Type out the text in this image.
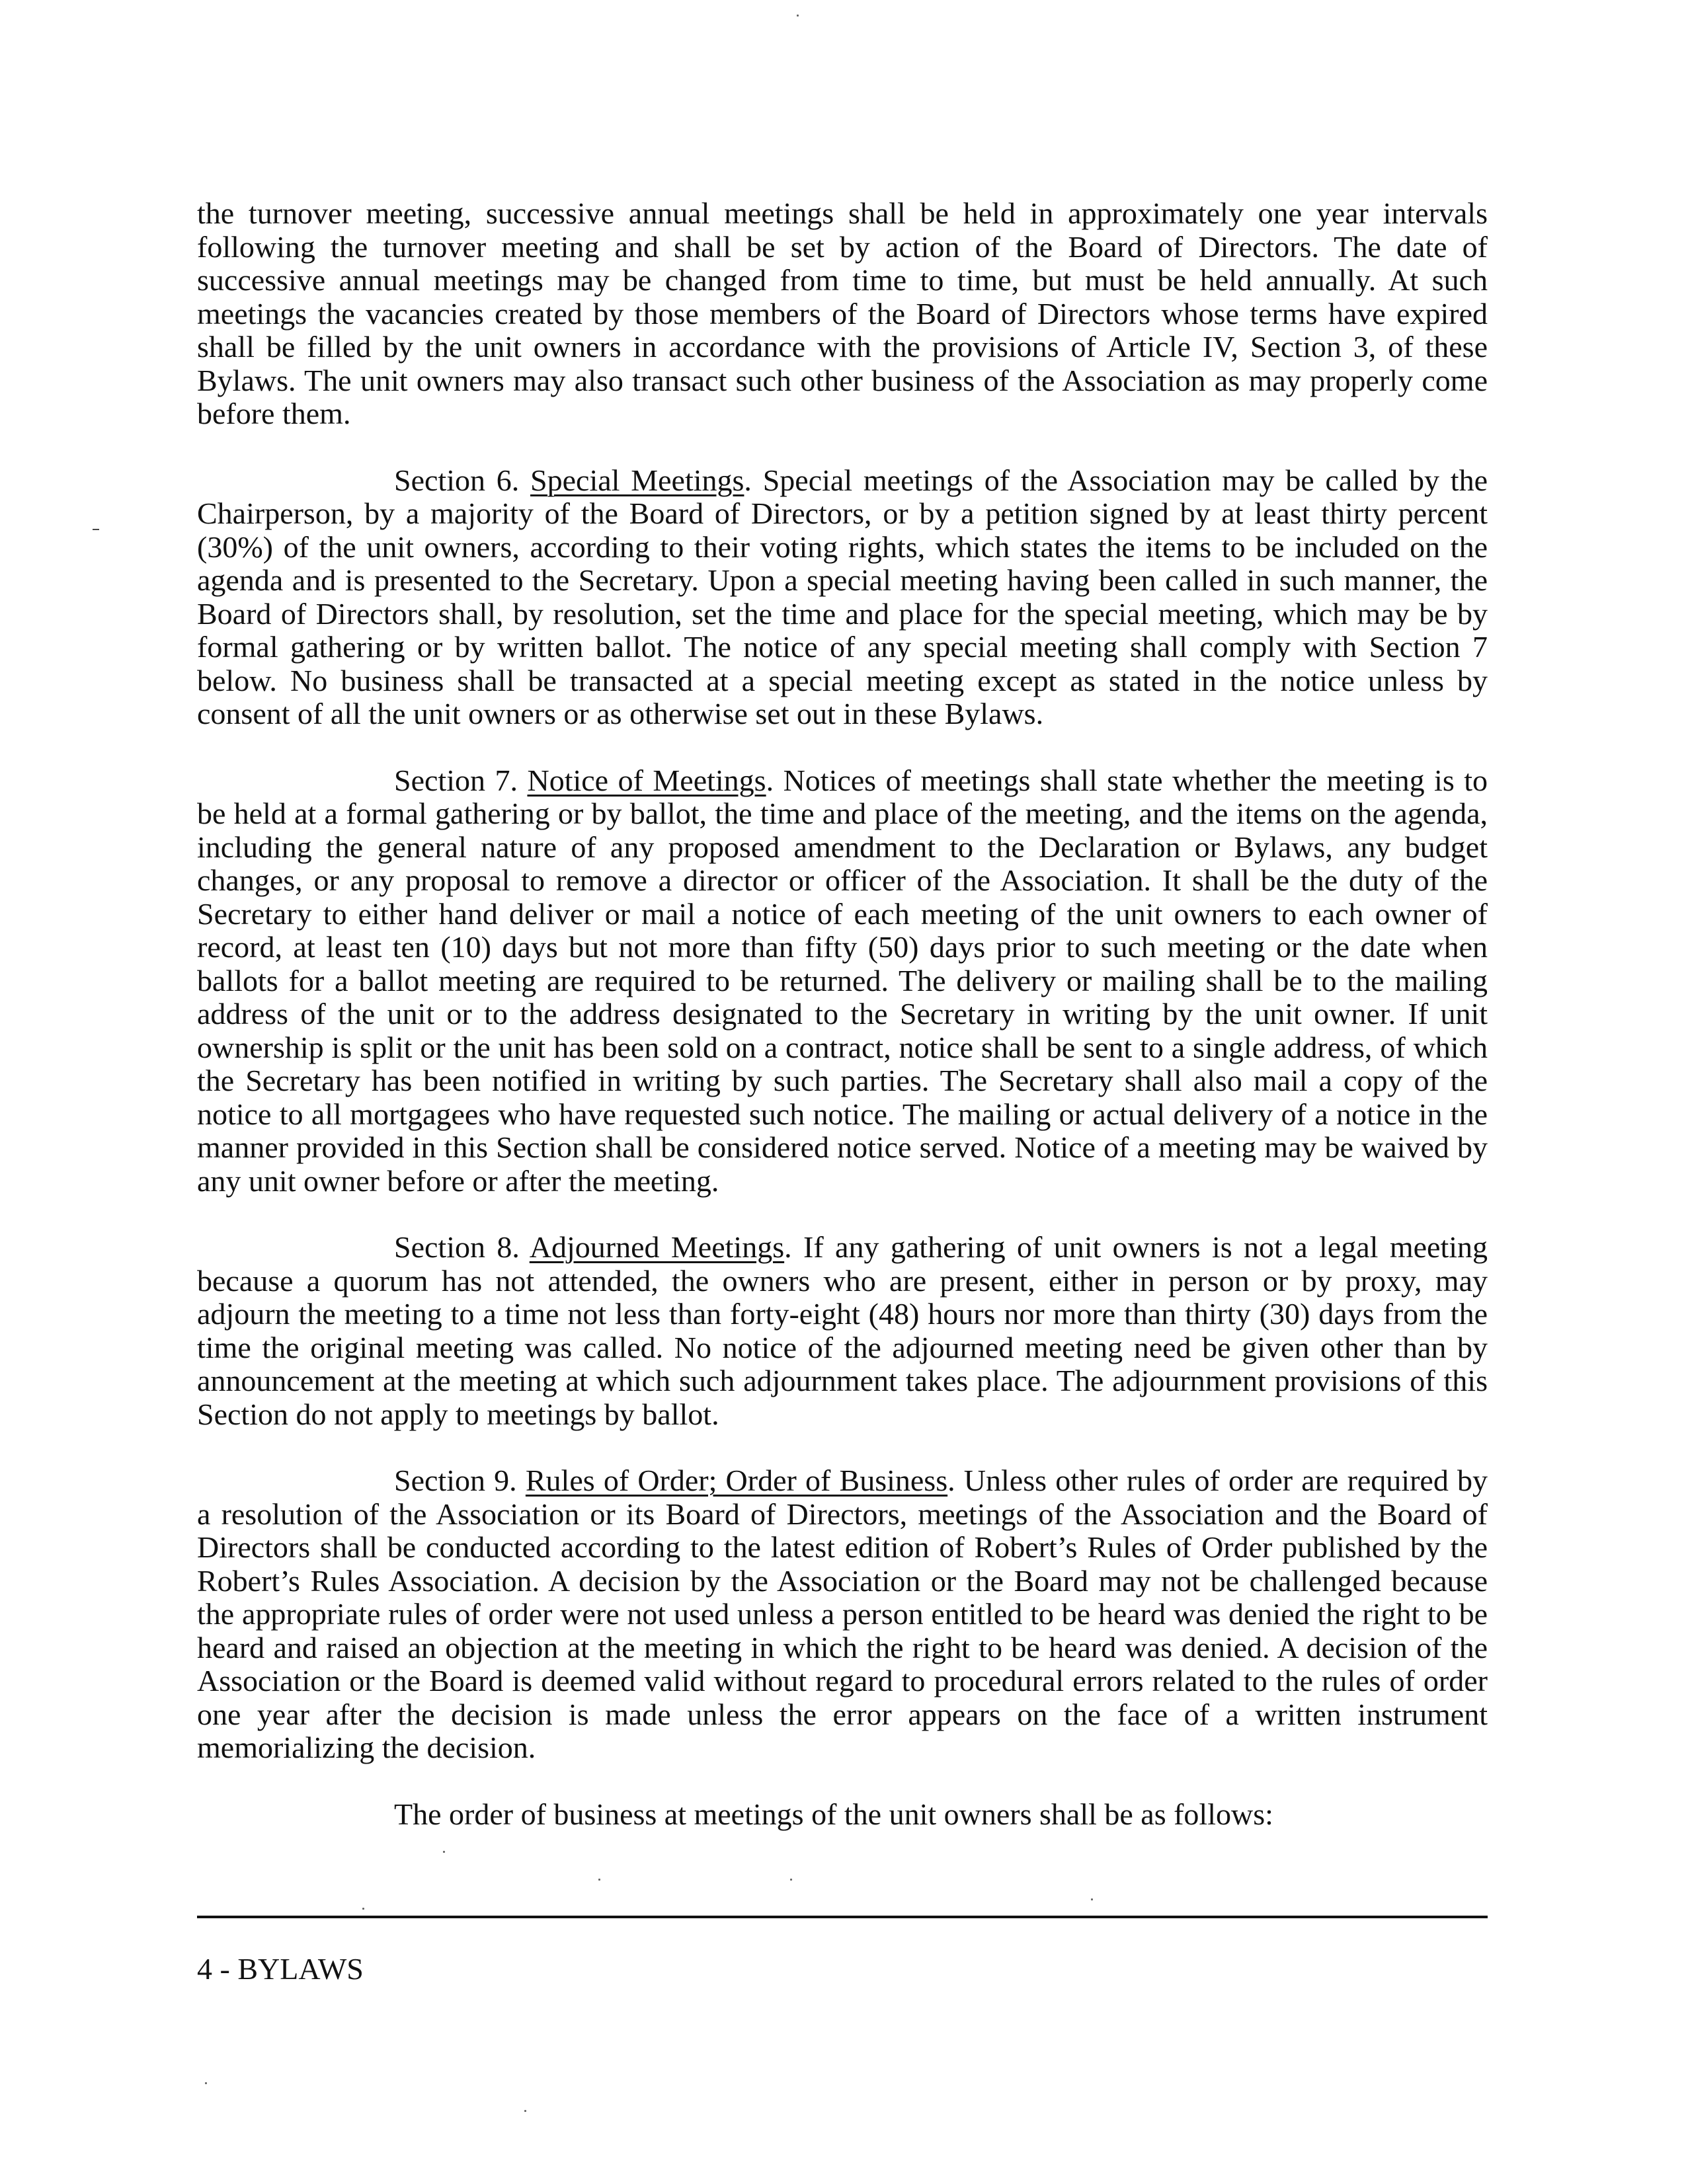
the turnover meeting, successive annual meetings shall be held in approximately one year intervals following the turnover meeting and shall be set by action of the Board of Directors. The date of successive annual meetings may be changed from time to time, but must be held annually. At such meetings the vacancies created by those members of the Board of Directors whose terms have expired shall be filled by the unit owners in accordance with the provisions of Article IV, Section 3, of these Bylaws. The unit owners may also transact such other business of the Association as may properly come before them.

Section 6. Special Meetings. Special meetings of the Association may be called by the Chairperson, by a majority of the Board of Directors, or by a petition signed by at least thirty percent (30%) of the unit owners, according to their voting rights, which states the items to be included on the agenda and is presented to the Secretary. Upon a special meeting having been called in such manner, the Board of Directors shall, by resolution, set the time and place for the special meeting, which may be by formal gathering or by written ballot. The notice of any special meeting shall comply with Section 7 below. No business shall be transacted at a special meeting except as stated in the notice unless by consent of all the unit owners or as otherwise set out in these Bylaws.

Section 7. Notice of Meetings. Notices of meetings shall state whether the meeting is to be held at a formal gathering or by ballot, the time and place of the meeting, and the items on the agenda, including the general nature of any proposed amendment to the Declaration or Bylaws, any budget changes, or any proposal to remove a director or officer of the Association. It shall be the duty of the Secretary to either hand deliver or mail a notice of each meeting of the unit owners to each owner of record, at least ten (10) days but not more than fifty (50) days prior to such meeting or the date when ballots for a ballot meeting are required to be returned. The delivery or mailing shall be to the mailing address of the unit or to the address designated to the Secretary in writing by the unit owner. If unit ownership is split or the unit has been sold on a contract, notice shall be sent to a single address, of which the Secretary has been notified in writing by such parties. The Secretary shall also mail a copy of the notice to all mortgagees who have requested such notice. The mailing or actual delivery of a notice in the manner provided in this Section shall be considered notice served. Notice of a meeting may be waived by any unit owner before or after the meeting.

Section 8. Adjourned Meetings. If any gathering of unit owners is not a legal meeting because a quorum has not attended, the owners who are present, either in person or by proxy, may adjourn the meeting to a time not less than forty-eight (48) hours nor more than thirty (30) days from the time the original meeting was called. No notice of the adjourned meeting need be given other than by announcement at the meeting at which such adjournment takes place. The adjournment provisions of this Section do not apply to meetings by ballot.

Section 9. Rules of Order; Order of Business. Unless other rules of order are required by a resolution of the Association or its Board of Directors, meetings of the Association and the Board of Directors shall be conducted according to the latest edition of Robert’s Rules of Order published by the Robert’s Rules Association. A decision by the Association or the Board may not be challenged because the appropriate rules of order were not used unless a person entitled to be heard was denied the right to be heard and raised an objection at the meeting in which the right to be heard was denied. A decision of the Association or the Board is deemed valid without regard to procedural errors related to the rules of order one year after the decision is made unless the error appears on the face of a written instrument memorializing the decision.

The order of business at meetings of the unit owners shall be as follows:

4 - BYLAWS
